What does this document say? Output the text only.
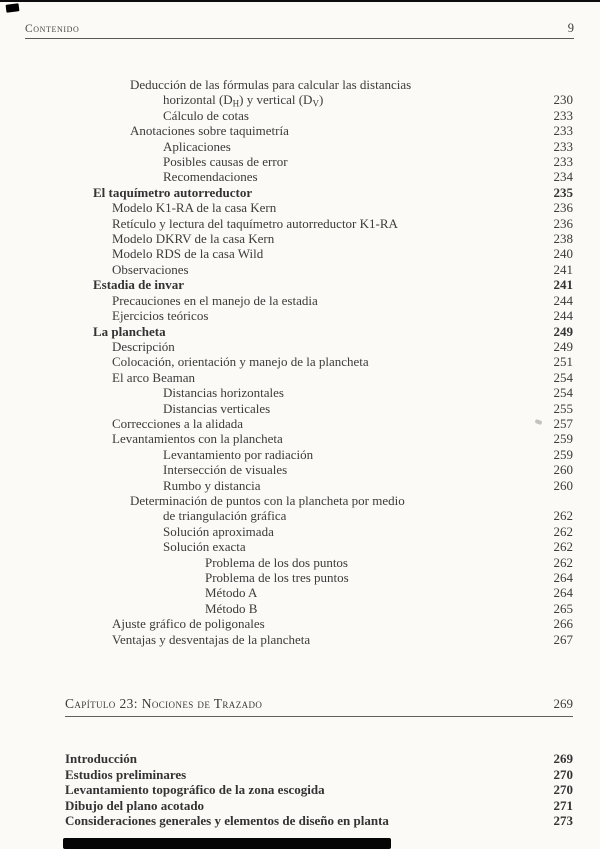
Contenido	9
Deducción de las fórmulas para calcular las distancias
horizontal $(D_H)$ y vertical $(D_V)$	230
Cálculo de cotas	233
Anotaciones sobre taquimetría	233
Aplicaciones	233
Posibles causas de error	233
Recomendaciones	234
El taquímetro autorreductor	235
Modelo K1-RA de la casa Kern	236
Retículo y lectura del taquímetro autorreductor K1-RA	236
Modelo DKRV de la casa Kern	238
Modelo RDS de la casa Wild	240
Observaciones	241
Estadia de invar	241
Precauciones en el manejo de la estadia	244
Ejercicios teóricos	244
La plancheta	249
Descripción	249
Colocación, orientación y manejo de la plancheta	251
El arco Beaman	254
Distancias horizontales	254
Distancias verticales	255
Correcciones a la alidada	257
Levantamientos con la plancheta	259
Levantamiento por radiación	259
Intersección de visuales	260
Rumbo y distancia	260
Determinación de puntos con la plancheta por medio
de triangulación gráfica	262
Solución aproximada	262
Solución exacta	262
Problema de los dos puntos	262
Problema de los tres puntos	264
Método A	264
Método B	265
Ajuste gráfico de poligonales	266
Ventajas y desventajas de la plancheta	267
Capítulo 23: Nociones de Trazado	269
Introducción	269
Estudios preliminares	270
Levantamiento topográfico de la zona escogida	270
Dibujo del plano acotado	271
Consideraciones generales y elementos de diseño en planta	273
